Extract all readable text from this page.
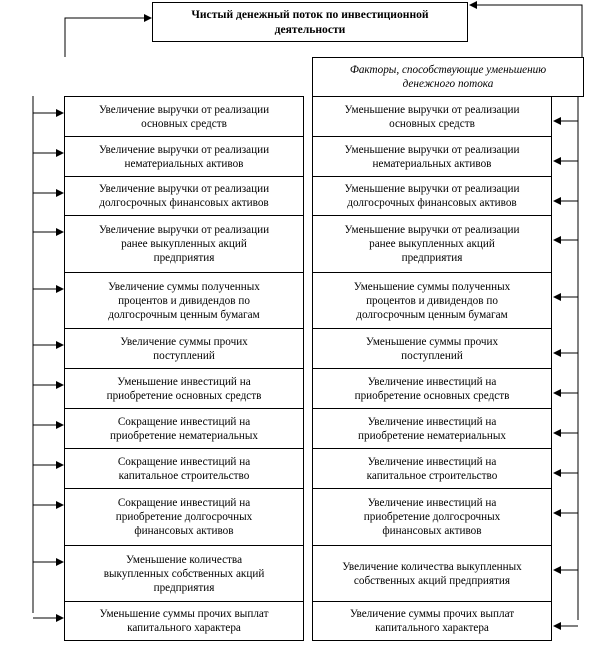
Чистый денежный поток по инвестиционной
деятельности
Факторы, способствующие уменьшению
денежного потока
Увеличение выручки от реализации
основных средств
Увеличение выручки от реализации
нематериальных активов
Увеличение выручки от реализации
долгосрочных финансовых активов
Увеличение выручки от реализации
ранее выкупленных акций
предприятия
Увеличение суммы полученных
процентов и дивидендов по
долгосрочным ценным бумагам
Увеличение суммы прочих
поступлений
Уменьшение инвестиций на
приобретение основных средств
Сокращение инвестиций на
приобретение нематериальных
Сокращение инвестиций на
капитальное строительство
Сокращение инвестиций на
приобретение долгосрочных
финансовых активов
Уменьшение количества
выкупленных собственных акций
предприятия
Уменьшение суммы прочих выплат
капитального характера
Уменьшение выручки от реализации
основных средств
Уменьшение выручки от реализации
нематериальных активов
Уменьшение выручки от реализации
долгосрочных финансовых активов
Уменьшение выручки от реализации
ранее выкупленных акций
предприятия
Уменьшение суммы полученных
процентов и дивидендов по
долгосрочным ценным бумагам
Уменьшение суммы прочих
поступлений
Увеличение инвестиций на
приобретение основных средств
Увеличение инвестиций на
приобретение нематериальных
Увеличение инвестиций на
капитальное строительство
Увеличение инвестиций на
приобретение долгосрочных
финансовых активов
Увеличение количества выкупленных
собственных акций предприятия
Увеличение суммы прочих выплат
капитального характера
